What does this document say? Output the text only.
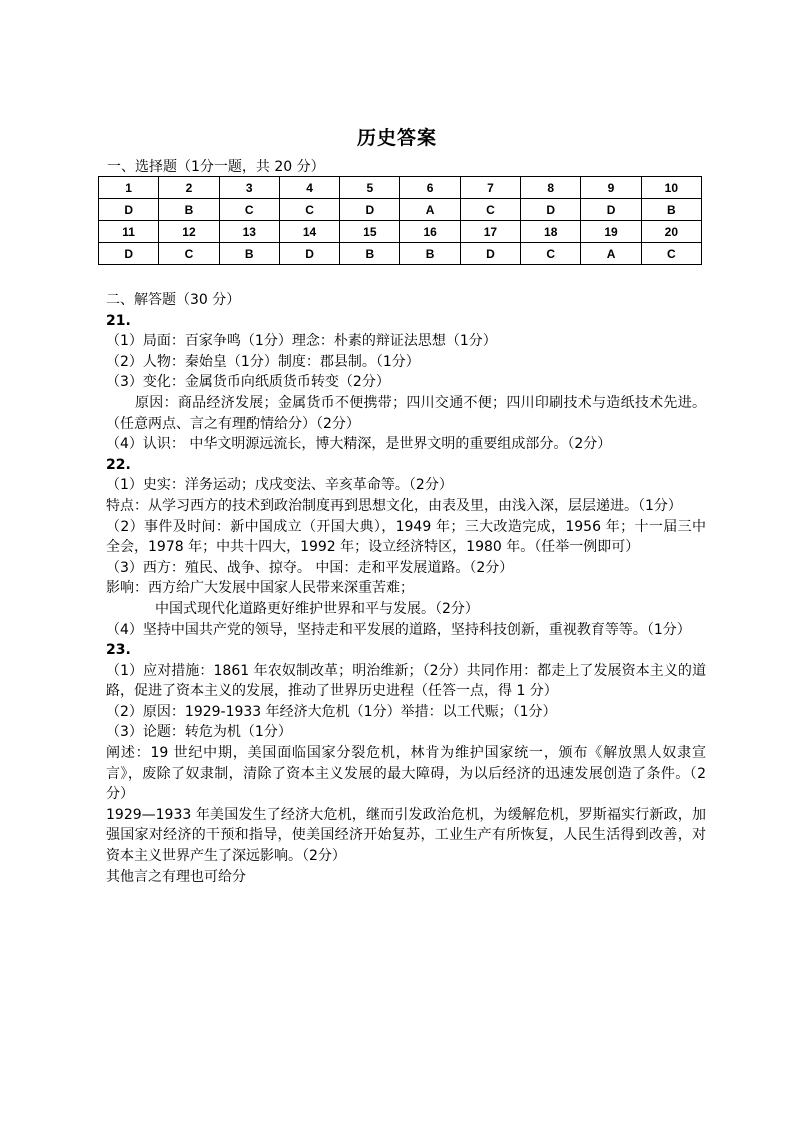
历史答案
一、选择题（1分一题，共 20 分）
1	2	3	4	5	6	7	8	9	10
D	B	C	C	D	A	C	D	D	B
11	12	13	14	15	16	17	18	19	20
D	C	B	D	B	B	D	C	A	C

二、解答题（30 分）

21.

（1）局面：百家争鸣（1分）理念：朴素的辩证法思想（1分）

（2）人物：秦始皇（1分）制度：郡县制。（1分）

（3）变化：金属货币向纸质货币转变（2分）

原因：商品经济发展；金属货币不便携带；四川交通不便；四川印刷技术与造纸技术先进。（任意两点、言之有理酌情给分）（2分）

（4）认识： 中华文明源远流长，博大精深，是世界文明的重要组成部分。（2分）

22.

（1）史实：洋务运动；戊戌变法、辛亥革命等。（2分）

特点：从学习西方的技术到政治制度再到思想文化，由表及里，由浅入深，层层递进。（1分）

（2）事件及时间：新中国成立（开国大典），1949 年；三大改造完成，1956 年；十一届三中全会，1978 年；中共十四大，1992 年；设立经济特区，1980 年。（任举一例即可）

（3）西方：殖民、战争、掠夺。 中国：走和平发展道路。（2分）

影响：西方给广大发展中国家人民带来深重苦难；

中国式现代化道路更好维护世界和平与发展。（2分）

（4）坚持中国共产党的领导，坚持走和平发展的道路，坚持科技创新，重视教育等等。（1分）

23.

（1）应对措施：1861 年农奴制改革；明治维新；（2分）共同作用：都走上了发展资本主义的道路，促进了资本主义的发展，推动了世界历史进程（任答一点，得 1 分）

（2）原因：1929-1933 年经济大危机（1分）举措：以工代赈；（1分）

（3）论题：转危为机（1分）

阐述：19 世纪中期，美国面临国家分裂危机，林肯为维护国家统一，颁布《解放黑人奴隶宣言》，废除了奴隶制，清除了资本主义发展的最大障碍，为以后经济的迅速发展创造了条件。（2分）

1929—1933 年美国发生了经济大危机，继而引发政治危机，为缓解危机，罗斯福实行新政，加强国家对经济的干预和指导，使美国经济开始复苏，工业生产有所恢复，人民生活得到改善，对资本主义世界产生了深远影响。（2分）

其他言之有理也可给分
